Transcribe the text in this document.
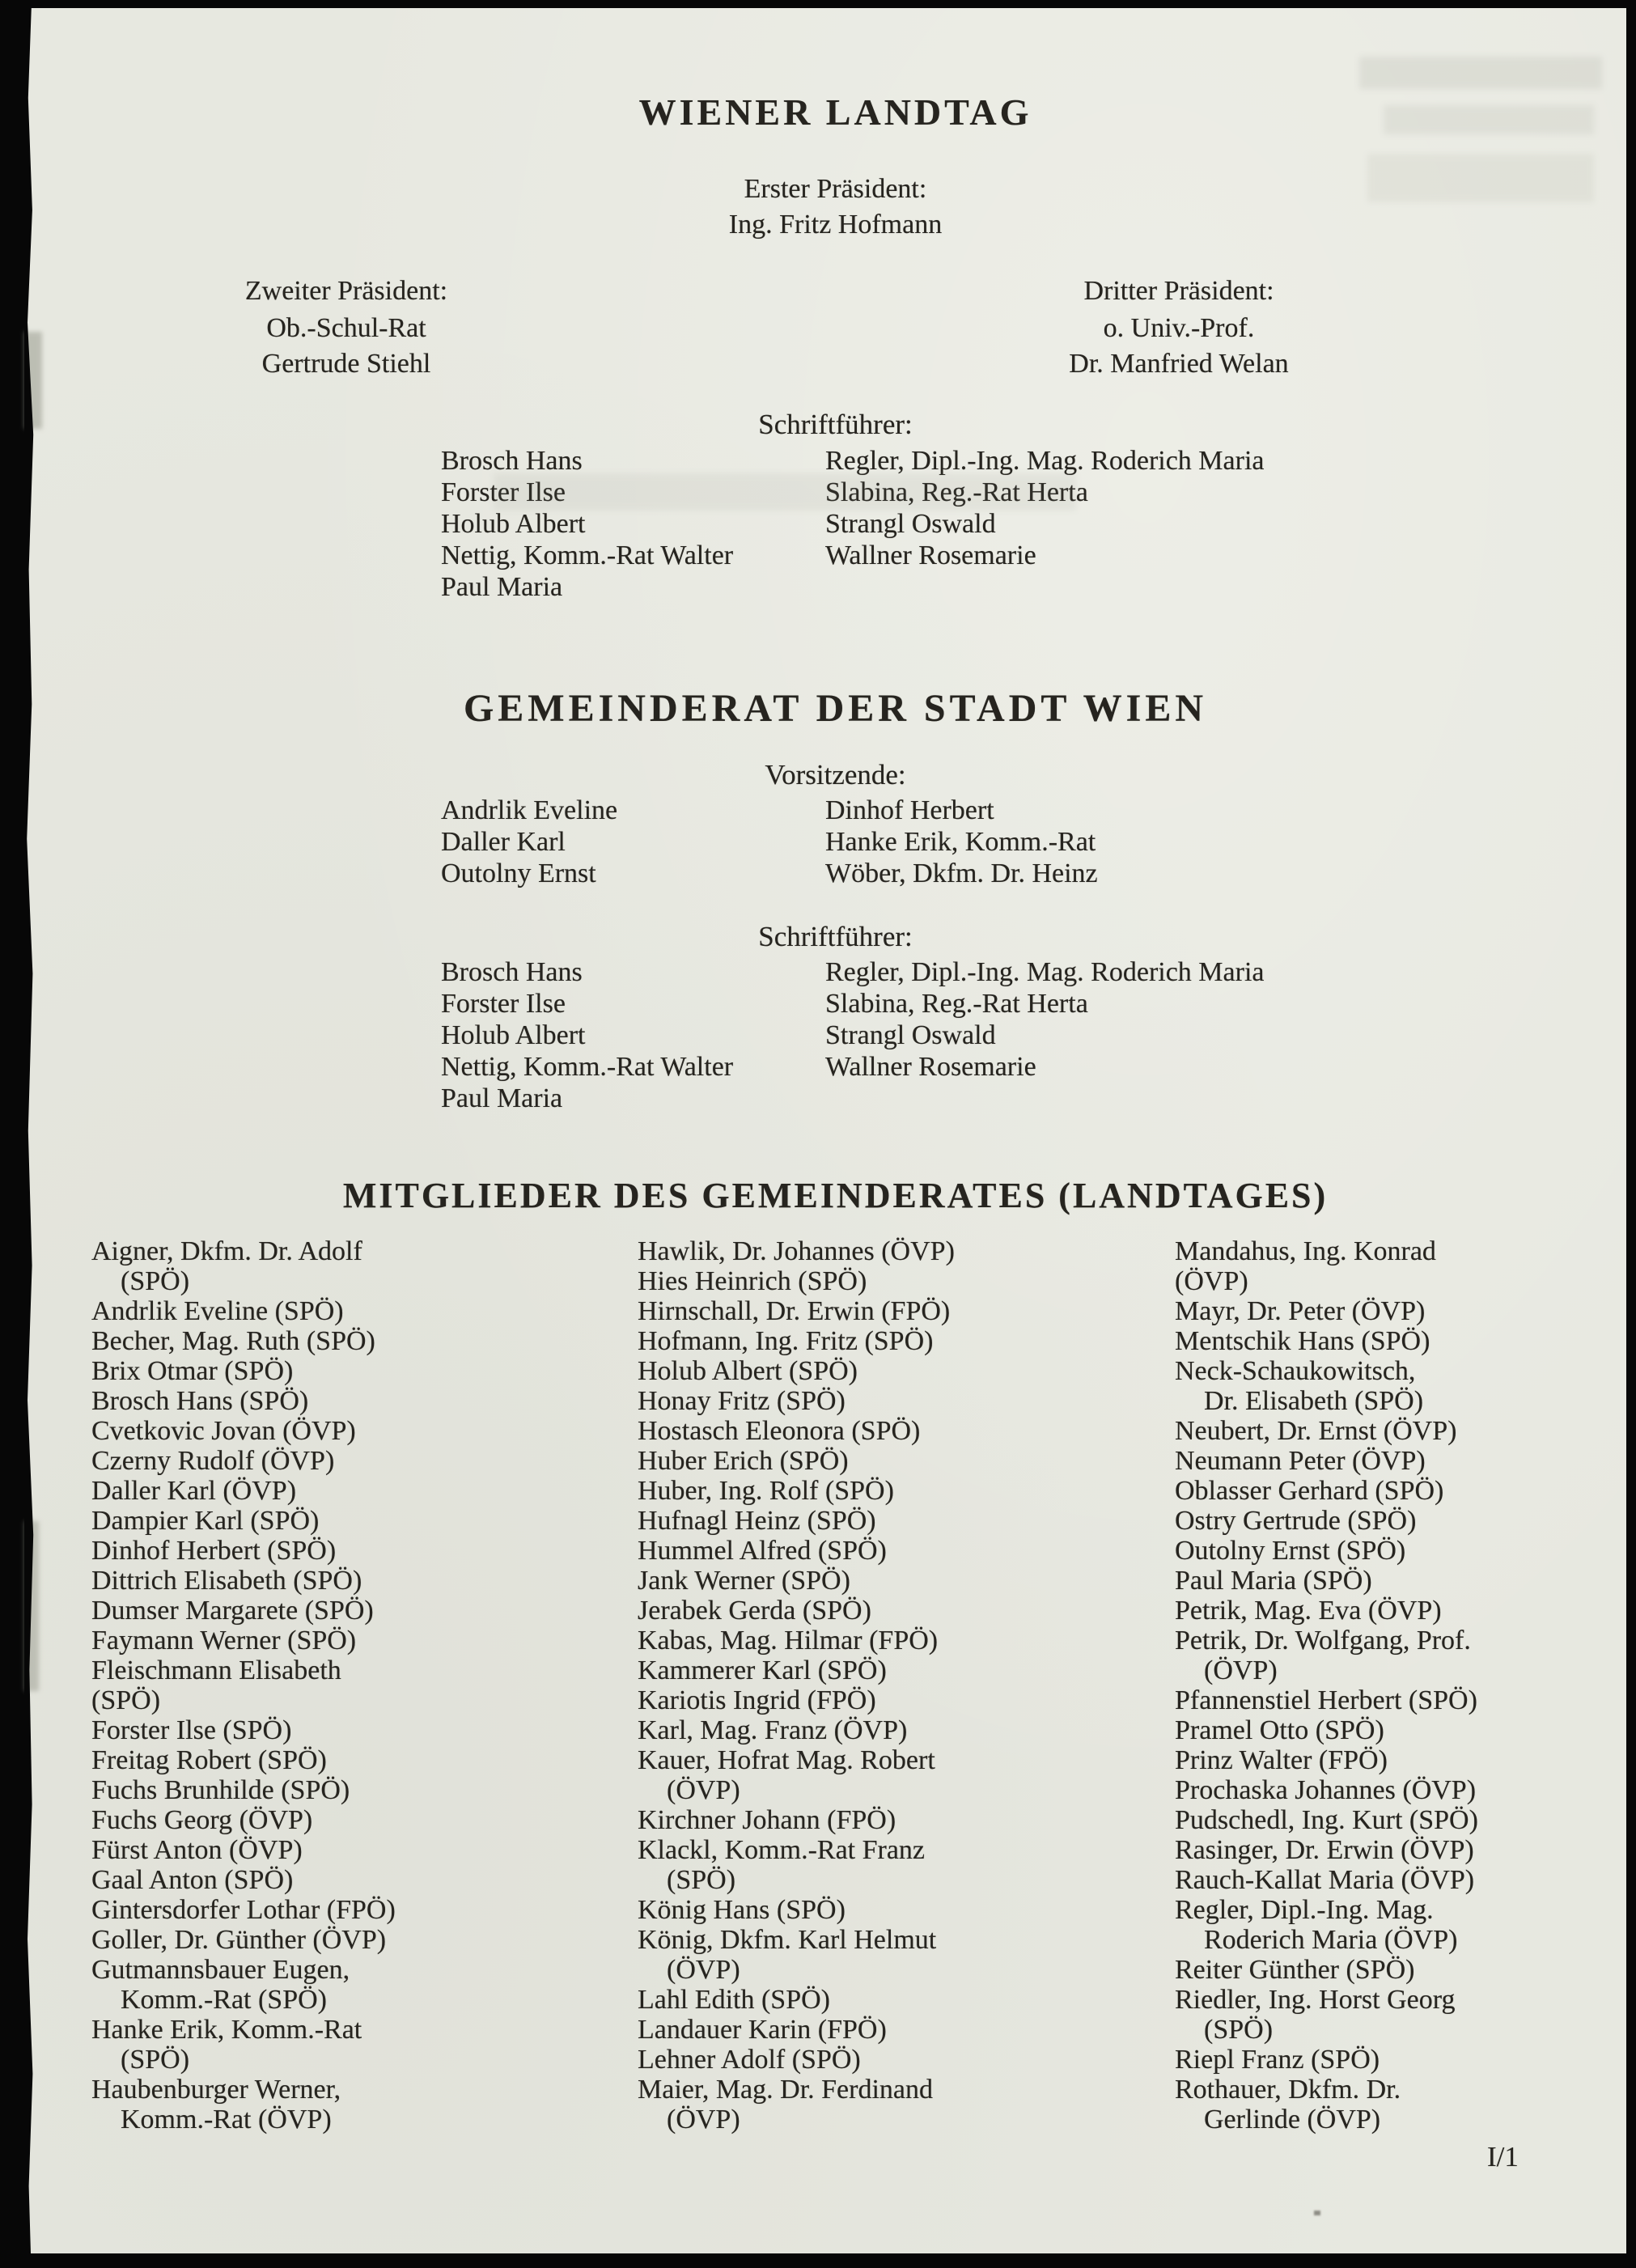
WIENER LANDTAG
Erster Präsident:
Ing. Fritz Hofmann
Zweiter Präsident:
Ob.-Schul-Rat
Gertrude Stiehl
Dritter Präsident:
o. Univ.-Prof.
Dr. Manfried Welan
Schriftführer:
Brosch Hans
Forster Ilse
Holub Albert
Nettig, Komm.-Rat Walter
Paul Maria
Regler, Dipl.-Ing. Mag. Roderich Maria
Slabina, Reg.-Rat Herta
Strangl Oswald
Wallner Rosemarie
GEMEINDERAT DER STADT WIEN
Vorsitzende:
Andrlik Eveline
Daller Karl
Outolny Ernst
Dinhof Herbert
Hanke Erik, Komm.-Rat
Wöber, Dkfm. Dr. Heinz
Schriftführer:
Brosch Hans
Forster Ilse
Holub Albert
Nettig, Komm.-Rat Walter
Paul Maria
Regler, Dipl.-Ing. Mag. Roderich Maria
Slabina, Reg.-Rat Herta
Strangl Oswald
Wallner Rosemarie
MITGLIEDER DES GEMEINDERATES (LANDTAGES)
Aigner, Dkfm. Dr. Adolf
(SPÖ)
Andrlik Eveline (SPÖ)
Becher, Mag. Ruth (SPÖ)
Brix Otmar (SPÖ)
Brosch Hans (SPÖ)
Cvetkovic Jovan (ÖVP)
Czerny Rudolf (ÖVP)
Daller Karl (ÖVP)
Dampier Karl (SPÖ)
Dinhof Herbert (SPÖ)
Dittrich Elisabeth (SPÖ)
Dumser Margarete (SPÖ)
Faymann Werner (SPÖ)
Fleischmann Elisabeth
(SPÖ)
Forster Ilse (SPÖ)
Freitag Robert (SPÖ)
Fuchs Brunhilde (SPÖ)
Fuchs Georg (ÖVP)
Fürst Anton (ÖVP)
Gaal Anton (SPÖ)
Gintersdorfer Lothar (FPÖ)
Goller, Dr. Günther (ÖVP)
Gutmannsbauer Eugen,
Komm.-Rat (SPÖ)
Hanke Erik, Komm.-Rat
(SPÖ)
Haubenburger Werner,
Komm.-Rat (ÖVP)
Hawlik, Dr. Johannes (ÖVP)
Hies Heinrich (SPÖ)
Hirnschall, Dr. Erwin (FPÖ)
Hofmann, Ing. Fritz (SPÖ)
Holub Albert (SPÖ)
Honay Fritz (SPÖ)
Hostasch Eleonora (SPÖ)
Huber Erich (SPÖ)
Huber, Ing. Rolf (SPÖ)
Hufnagl Heinz (SPÖ)
Hummel Alfred (SPÖ)
Jank Werner (SPÖ)
Jerabek Gerda (SPÖ)
Kabas, Mag. Hilmar (FPÖ)
Kammerer Karl (SPÖ)
Kariotis Ingrid (FPÖ)
Karl, Mag. Franz (ÖVP)
Kauer, Hofrat Mag. Robert
(ÖVP)
Kirchner Johann (FPÖ)
Klackl, Komm.-Rat Franz
(SPÖ)
König Hans (SPÖ)
König, Dkfm. Karl Helmut
(ÖVP)
Lahl Edith (SPÖ)
Landauer Karin (FPÖ)
Lehner Adolf (SPÖ)
Maier, Mag. Dr. Ferdinand
(ÖVP)
Mandahus, Ing. Konrad
(ÖVP)
Mayr, Dr. Peter (ÖVP)
Mentschik Hans (SPÖ)
Neck-Schaukowitsch,
Dr. Elisabeth (SPÖ)
Neubert, Dr. Ernst (ÖVP)
Neumann Peter (ÖVP)
Oblasser Gerhard (SPÖ)
Ostry Gertrude (SPÖ)
Outolny Ernst (SPÖ)
Paul Maria (SPÖ)
Petrik, Mag. Eva (ÖVP)
Petrik, Dr. Wolfgang, Prof.
(ÖVP)
Pfannenstiel Herbert (SPÖ)
Pramel Otto (SPÖ)
Prinz Walter (FPÖ)
Prochaska Johannes (ÖVP)
Pudschedl, Ing. Kurt (SPÖ)
Rasinger, Dr. Erwin (ÖVP)
Rauch-Kallat Maria (ÖVP)
Regler, Dipl.-Ing. Mag.
Roderich Maria (ÖVP)
Reiter Günther (SPÖ)
Riedler, Ing. Horst Georg
(SPÖ)
Riepl Franz (SPÖ)
Rothauer, Dkfm. Dr.
Gerlinde (ÖVP)
I/1
